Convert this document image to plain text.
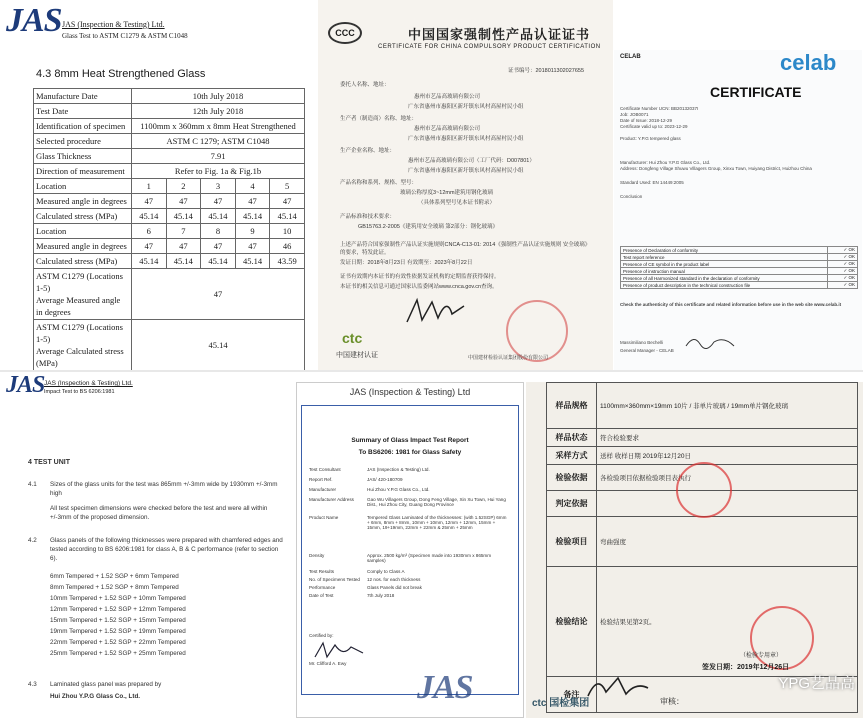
JAS JAS (Inspection & Testing) Ltd.
Glass Test to ASTM C1279 & ASTM C1048
4.3 8mm Heat Strengthened Glass
Manufacture Date	10th July 2018				
Test Date	12th July 2018				
Identification of specimen	1100mm x 360mm x 8mm Heat Strengthened				
Selected procedure	ASTM C 1279; ASTM C1048				
Glass Thickness	7.91				
Direction of measurement	Refer to Fig. 1a & Fig.1b				
Location	1	2	3	4	5
Measured angle in degrees	47	47	47	47	47
Calculated stress (MPa)	45.14	45.14	45.14	45.14	45.14
Location	6	7	8	9	10
Measured angle in degrees	47	47	47	47	46
Calculated stress (MPa)	45.14	45.14	45.14	45.14	43.59

ASTM C1279 (Locations 1-5)
Average Measured angle in degrees	47				

ASTM C1279 (Locations 1-5)
Average Calculated stress (MPa)	45.14				

CCC	中国国家强制性产品认证证书
CERTIFICATE FOR CHINA COMPULSORY PRODUCT CERTIFICATION
证书编号：2018011302027655
委托人名称、地址：
惠州市艺品高玻璃有限公司
广东省惠州市惠阳区新圩镇东风村高屋村民小组
生产者（制造商）名称、地址：
惠州市艺品高玻璃有限公司
广东省惠州市惠阳区新圩镇东风村高屋村民小组
生产企业名称、地址：
惠州市艺品高玻璃有限公司（工厂代码：D007801）
广东省惠州市惠阳区新圩镇东风村高屋村民小组
产品名称和系列、规格、型号：
玻璃公称厚度3~12mm建筑用钢化玻璃
（具体系列型号见本证书附录）
产品标准和技术要求：
GB15763.2-2005《建筑用安全玻璃 第2部分：钢化玻璃》
上述产品符合国家强制性产品认证实施规则CNCA-C13-01: 2014《强制性产品认证实施规则 安全玻璃》的要求，特发此证。
发证日期：2018年8月23日 有效期至：2023年8月22日
证书有效期内本证书的有效性依据发证机构的定期监督获得保持。
本证书的相关信息可通过国家认监委网站www.cnca.gov.cn查询。
ctc
中国建材认证	中国建材检验认证集团股份有限公司
CELAB	celab
CERTIFICATE
Certificate Number UCN: BB20132037I
Job: JOB0071
Date of Issue: 2018-12-29
Certificate valid up to: 2023-12-29
Product: Y.P.G tempered glass
Manufacturer: Hui Zhou Y.P.G Glass Co., Ltd.
Address: Dongfeng Village Shuwu Villagers Group, Xinxu Town, Huiyang District, Huizhou China
Standard Used: EN 14449:2005
Conclusion
Presence of Declaration of conformity	✓ OK
Test report reference	✓ OK
Presence of CE symbol in the product label	✓ OK
Presence of instruction manual	✓ OK
Presence of all Harmonized standard in the declaration of conformity	✓ OK
Presence of product description in the technical construction file	✓ OK
Check the authenticity of this certificate and related information before use in the web site www.celab.it
Massimiliano Bechelli
General Manager - CELAB
JAS JAS (Inspection & Testing) Ltd.
Impact Test to BS 6206:1981
4 TEST UNIT
4.1 Sizes of the glass units for the test was 865mm +/-3mm wide by 1930mm +/-3mm high
All test specimen dimensions were checked before the test and were all within +/-3mm of the proposed dimension.
4.2 Glass panels of the following thicknesses were prepared with chamfered edges and tested according to BS 6206:1981 for class A, B & C performance (refer to section 6).
6mm Tempered + 1.52 SGP + 6mm Tempered
8mm Tempered + 1.52 SGP + 8mm Tempered
10mm Tempered + 1.52 SGP + 10mm Tempered
12mm Tempered + 1.52 SGP + 12mm Tempered
15mm Tempered + 1.52 SGP + 15mm Tempered
19mm Tempered + 1.52 SGP + 19mm Tempered
22mm Tempered + 1.52 SGP + 22mm Tempered
25mm Tempered + 1.52 SGP + 25mm Tempered
4.3 Laminated glass panel was prepared by
Hui Zhou Y.P.G Glass Co., Ltd.
JAS (Inspection & Testing) Ltd
Summary of Glass Impact Test Report
To BS6206: 1981 for Glass Safety
Test Consultant	JAS (Inspection & Testing) Ltd.
Report Ref.	JAS/ 420-180709
Manufacturer	Hui Zhou Y.P.G Glass Co., Ltd.
Manufacturer Address	Gao Wu Villagers Group, Dong Feng Village, Xin Xu Town, Hui Yang Dist., Hui Zhou City, Guang Dong Province
Product Name	Tempered Glass Laminated of the thicknesses: (with 1.52SGP) 6mm + 6mm, 8mm + 8mm, 10mm + 10mm, 12mm + 12mm, 15mm + 15mm, 19+19mm, 22mm + 22mm & 25mm + 25mm
Density	Approx. 2500 kg/m³ (Specimen made into 1930mm x 865mm samples)
Test Results	Comply to Class A
No. of Specimens Tested 12 nos. for each thickness
Performance	Glass Panels did not break
Date of Test	7th July 2018
Certified by:
Mr. Clifford A. Ewy
JAS
样品规格	1100mm×360mm×19mm 10片 / 非单片玻璃 / 19mm单片钢化玻璃
样品状态	符合检验要求
采样方式	送样 收样日期 2019年12月20日
检验依据	各检验项目依据检验项目表执行
判定依据	
检验项目	弯曲强度
检验结论	检验结果见第2页。
备注	
（检验专用章）
签发日期：2019年12月26日
ctc 国检集团	审核：
YPG艺品高
